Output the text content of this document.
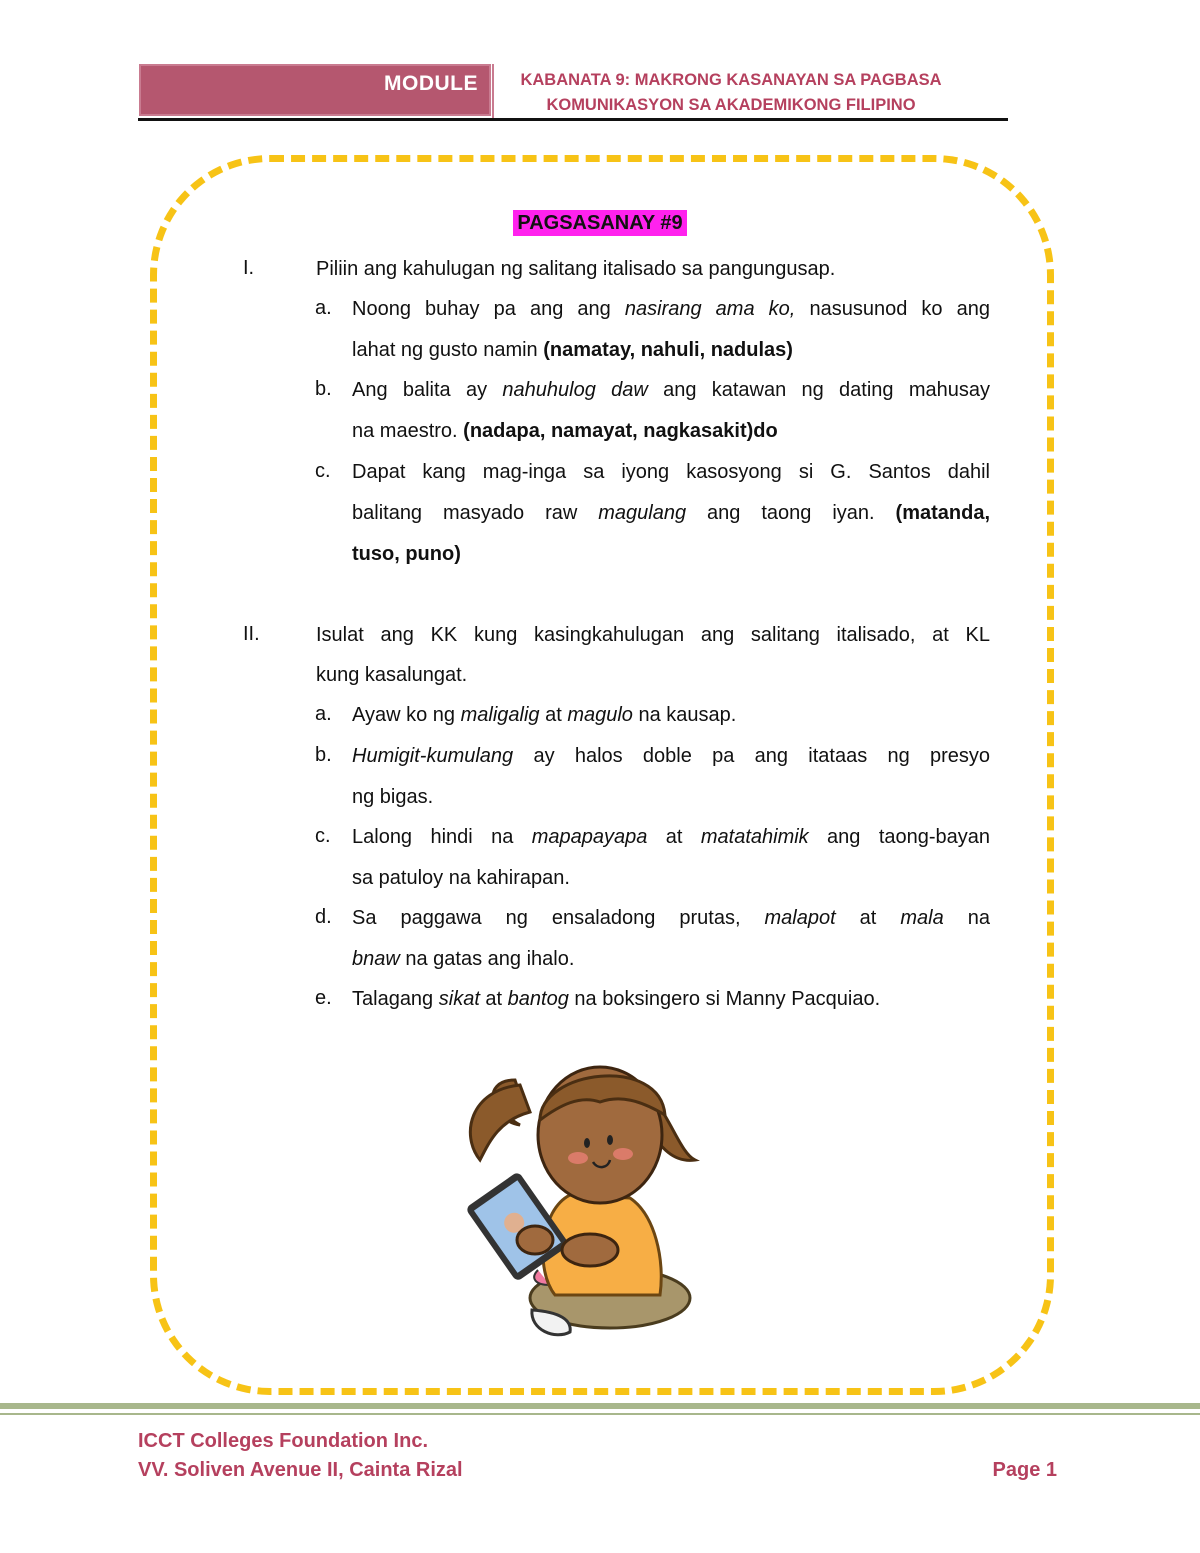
MODULE	KABANATA 9: MAKRONG KASANAYAN SA PAGBASA
KOMUNIKASYON SA AKADEMIKONG FILIPINO
PAGSASANAY #9
I.	Piliin ang kahulugan ng salitang italisado sa pangungusap.
a. Noong buhay pa ang ang nasirang ama ko, nasusunod ko ang
lahat ng gusto namin (namatay, nahuli, nadulas)
b. Ang balita ay nahuhulog daw ang katawan ng dating mahusay
na maestro. (nadapa, namayat, nagkasakit)do
c. Dapat kang mag-inga sa iyong kasosyong si G. Santos dahil
balitang masyado raw magulang ang taong iyan. (matanda,
tuso, puno)
II.	Isulat ang KK kung kasingkahulugan ang salitang italisado, at KL
kung kasalungat.
a. Ayaw ko ng maligalig at magulo na kausap.
b. Humigit-kumulang ay halos doble pa ang itataas ng presyo
ng bigas.
c. Lalong hindi na mapapayapa at matatahimik ang taong-bayan
sa patuloy na kahirapan.
d. Sa paggawa ng ensaladong prutas, malapot at mala na
bnaw na gatas ang ihalo.
e. Talagang sikat at bantog na boksingero si Manny Pacquiao.
ICCT Colleges Foundation Inc.
VV. Soliven Avenue II, Cainta Rizal	Page 1
